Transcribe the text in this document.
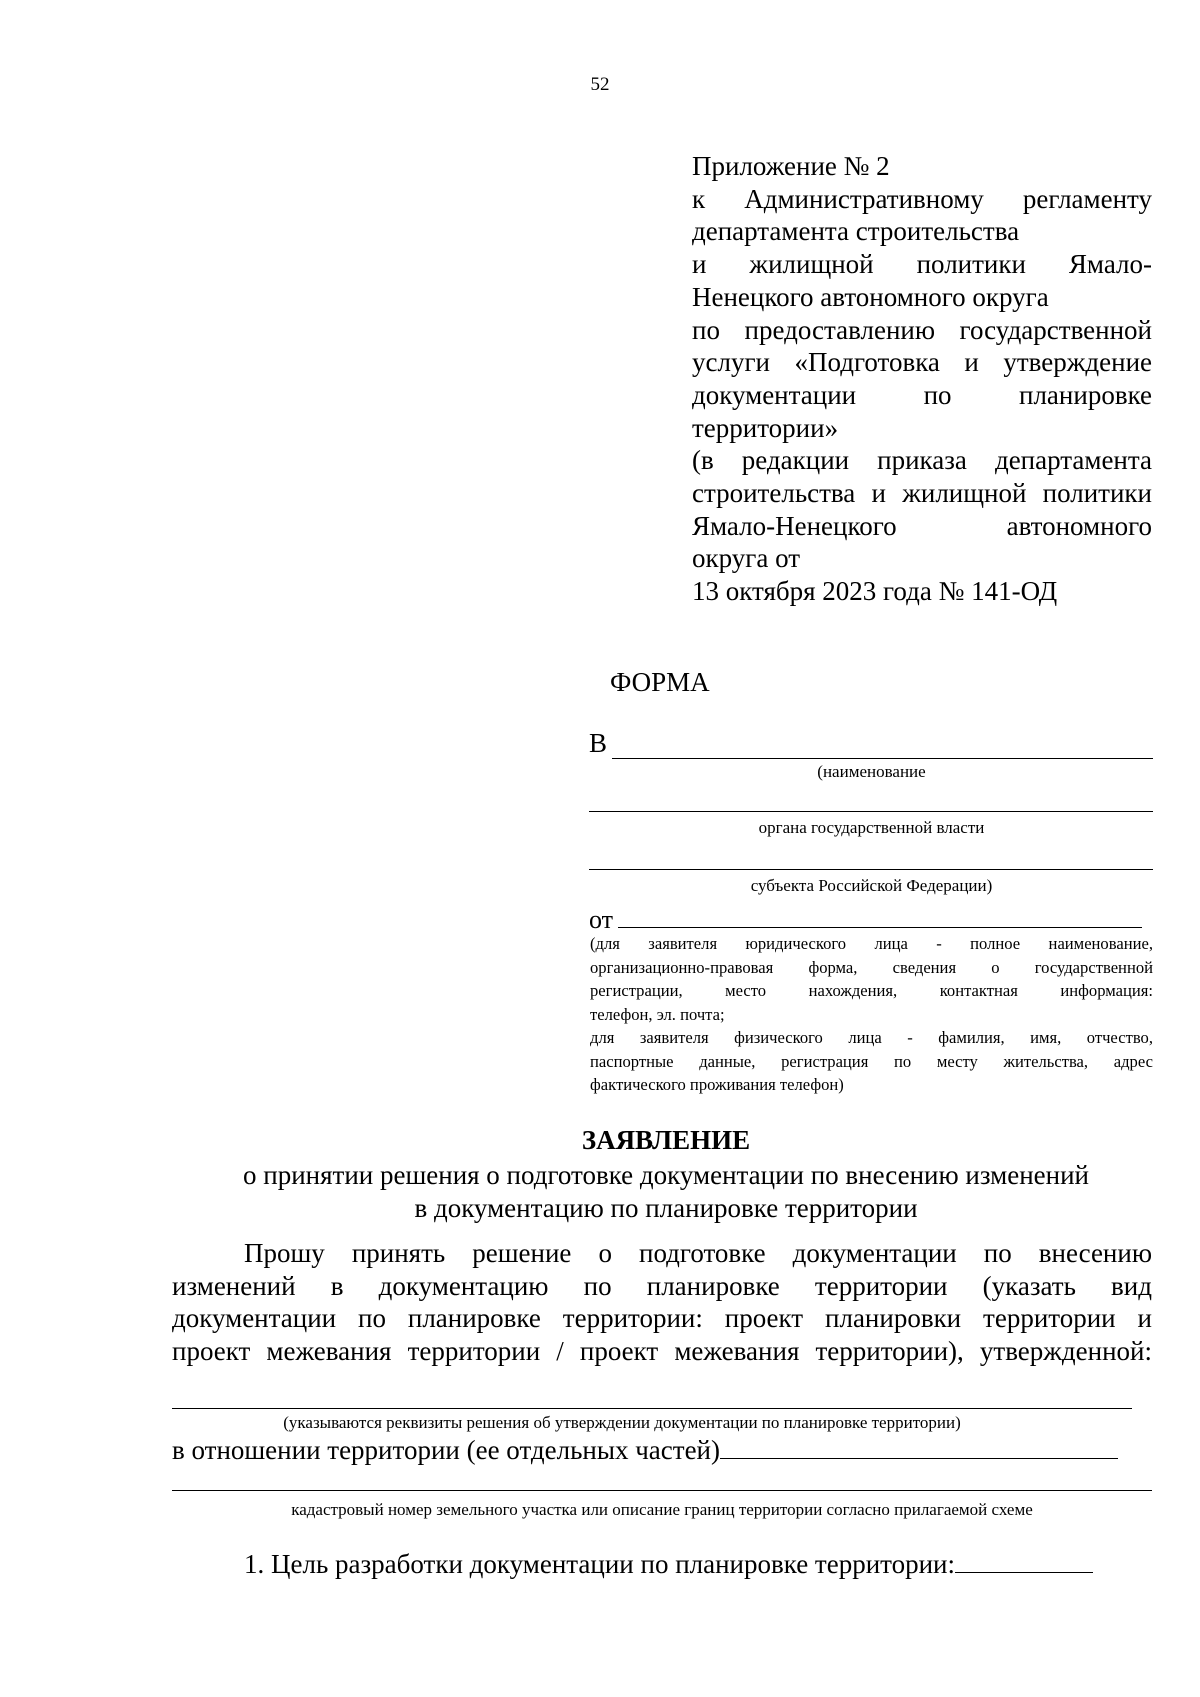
52
Приложение № 2
к Административному регламенту
департамента строительства
и жилищной политики Ямало-
Ненецкого автономного округа
по предоставлению государственной
услуги «Подготовка и утверждение
документации по планировке
территории»
(в редакции приказа департамента
строительства и жилищной политики
Ямало-Ненецкого автономного
округа от
13 октября 2023 года № 141-ОД
ФОРМА
В
(наименование
органа государственной власти
субъекта Российской Федерации)
от
(для заявителя юридического лица - полное наименование,
организационно-правовая форма, сведения о государственной
регистрации, место нахождения, контактная информация:
телефон, эл. почта;
для заявителя физического лица - фамилия, имя, отчество,
паспортные данные, регистрация по месту жительства, адрес
фактического проживания телефон)
ЗАЯВЛЕНИЕ
о принятии решения о подготовке документации по внесению изменений
в документацию по планировке территории
Прошу принять решение о подготовке документации по внесению
изменений в документацию по планировке территории (указать вид
документации по планировке территории: проект планировки территории и
проект межевания территории / проект межевания территории), утвержденной:
(указываются реквизиты решения об утверждении документации по планировке территории)
в отношении территории (ее отдельных частей)
кадастровый номер земельного участка или описание границ территории согласно прилагаемой схеме
1. Цель разработки документации по планировке территории:
